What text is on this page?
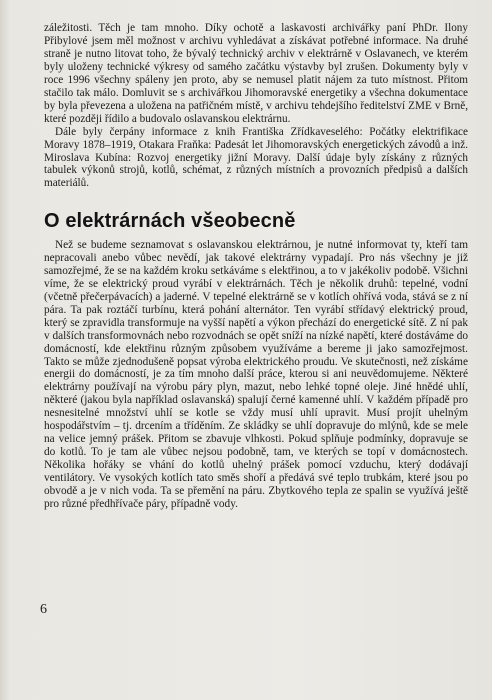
záležitosti. Těch je tam mnoho. Díky ochotě a laskavosti archivářky paní PhDr. Ilony Přibylové jsem měl možnost v archivu vyhledávat a získávat potřebné informace. Na druhé straně je nutno litovat toho, že bývalý technický archiv v elektrárně v Oslavanech, ve kterém byly uloženy technické výkresy od samého začátku výstavby byl zrušen. Dokumenty byly v roce 1996 všechny spáleny jen proto, aby se nemusel platit nájem za tuto místnost. Přitom stačilo tak málo. Domluvit se s archivářkou Jihomoravské energetiky a všechna dokumentace by byla převezena a uložena na patřičném místě, v archivu tehdejšího ředitelství ZME v Brně, které později řídilo a budovalo oslavanskou elektrárnu.

Dále byly čerpány informace z knih Františka Zřídkaveselého: Počátky elektrifikace Moravy 1878–1919, Otakara Fraňka: Padesát let Jihomoravských energetických závodů a inž. Miroslava Kubína: Rozvoj energetiky jižní Moravy. Další údaje byly získány z různých tabulek výkonů strojů, kotlů, schémat, z různých místních a provozních předpisů a dalších materiálů.

O elektrárnách všeobecně

Než se budeme seznamovat s oslavanskou elektrárnou, je nutné informovat ty, kteří tam nepracovali anebo vůbec nevědí, jak takové elektrárny vypadají. Pro nás všechny je již samozřejmé, že se na každém kroku setkáváme s elektřinou, a to v jakékoliv podobě. Všichni víme, že se elektrický proud vyrábí v elektrárnách. Těch je několik druhů: tepelné, vodní (včetně přečerpávacích) a jaderné. V tepelné elektrárně se v kotlích ohřívá voda, stává se z ní pára. Ta pak roztáčí turbínu, která pohání alternátor. Ten vyrábí střídavý elektrický proud, který se zpravidla transformuje na vyšší napětí a výkon přechází do energetické sítě. Z ní pak v dalších transformovnách nebo rozvodnách se opět sníží na nízké napětí, které dostáváme do domácností, kde elektřinu různým způsobem využíváme a bereme ji jako samozřejmost. Takto se může zjednodušeně popsat výroba elektrického proudu. Ve skutečnosti, než získáme energii do domácností, je za tím mnoho další práce, kterou si ani neuvědomujeme. Některé elektrárny používají na výrobu páry plyn, mazut, nebo lehké topné oleje. Jiné hnědé uhlí, některé (jakou byla například oslavanská) spalují černé kamenné uhlí. V každém případě pro nesnesitelné množství uhlí se kotle se vždy musí uhlí upravit. Musí projít uhelným hospodářstvím – tj. drcením a tříděním. Ze skládky se uhlí dopravuje do mlýnů, kde se mele na velice jemný prášek. Přitom se zbavuje vlhkosti. Pokud splňuje podmínky, dopravuje se do kotlů. To je tam ale vůbec nejsou podobně, tam, ve kterých se topí v domácnostech. Několika hořáky se vhání do kotlů uhelný prášek pomocí vzduchu, který dodávají ventilátory. Ve vysokých kotlích tato směs shoří a předává své teplo trubkám, které jsou po obvodě a je v nich voda. Ta se přemění na páru. Zbytkového tepla ze spalin se využívá ještě pro různé předhřívače páry, případně vody.

6
